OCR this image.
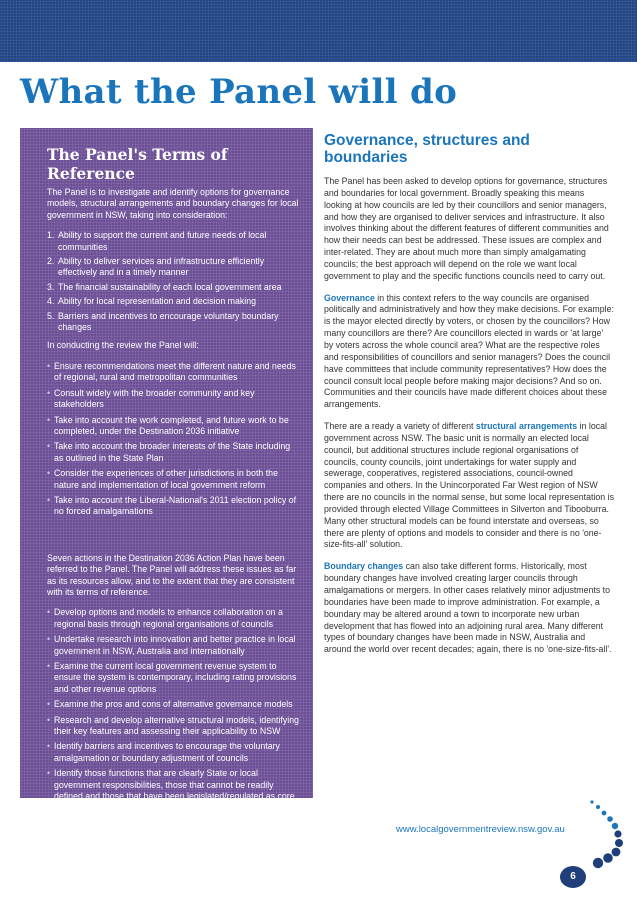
What the Panel will do
The Panel's Terms of Reference

The Panel is to investigate and identify options for governance models, structural arrangements and boundary changes for local government in NSW, taking into consideration:

1. Ability to support the current and future needs of local communities
2. Ability to deliver services and infrastructure efficiently effectively and in a timely manner
3. The financial sustainability of each local government area
4. Ability for local representation and decision making
5. Barriers and incentives to encourage voluntary boundary changes

In conducting the review the Panel will:

• Ensure recommendations meet the different nature and needs of regional, rural and metropolitan communities
• Consult widely with the broader community and key stakeholders
• Take into account the work completed, and future work to be completed, under the Destination 2036 initiative
• Take into account the broader interests of the State including as outlined in the State Plan
• Consider the experiences of other jurisdictions in both the nature and implementation of local government reform
• Take into account the Liberal-National's 2011 election policy of no forced amalgamations

Seven actions in the Destination 2036 Action Plan have been referred to the Panel. The Panel will address these issues as far as its resources allow, and to the extent that they are consistent with its terms of reference.

• Develop options and models to enhance collaboration on a regional basis through regional organisations of councils
• Undertake research into innovation and better practice in local government in NSW, Australia and internationally
• Examine the current local government revenue system to ensure the system is contemporary, including rating provisions and other revenue options
• Examine the pros and cons of alternative governance models
• Research and develop alternative structural models, identifying their key features and assessing their applicability to NSW
• Identify barriers and incentives to encourage the voluntary amalgamation or boundary adjustment of councils
• Identify those functions that are clearly State or local government responsibilities, those that cannot be readily defined and those that have been legislated/regulated as core functions
Governance, structures and boundaries

The Panel has been asked to develop options for governance, structures and boundaries for local government. Broadly speaking this means looking at how councils are led by their councillors and senior managers, and how they are organised to deliver services and infrastructure. It also involves thinking about the different features of different communities and how their needs can best be addressed. These issues are complex and inter-related. They are about much more than simply amalgamating councils; the best approach will depend on the role we want local government to play and the specific functions councils need to carry out.

Governance in this context refers to the way councils are organised politically and administratively and how they make decisions. For example: is the mayor elected directly by voters, or chosen by the councillors? How many councillors are there? Are councillors elected in wards or 'at large' by voters across the whole council area? What are the respective roles and responsibilities of councillors and senior managers? Does the council have committees that include community representatives? How does the council consult local people before making major decisions? And so on. Communities and their councils have made different choices about these arrangements.

There are a ready a variety of different structural arrangements in local government across NSW. The basic unit is normally an elected local council, but additional structures include regional organisations of councils, county councils, joint undertakings for water supply and sewerage, cooperatives, registered associations, council-owned companies and others. In the Unincorporated Far West region of NSW there are no councils in the normal sense, but some local representation is provided through elected Village Committees in Silverton and Tibooburra. Many other structural models can be found interstate and overseas, so there are plenty of options and models to consider and there is no 'one-size-fits-all' solution.

Boundary changes can also take different forms. Historically, most boundary changes have involved creating larger councils through amalgamations or mergers. In other cases relatively minor adjustments to boundaries have been made to improve administration. For example, a boundary may be altered around a town to incorporate new urban development that has flowed into an adjoining rural area. Many different types of boundary changes have been made in NSW, Australia and around the world over recent decades; again, there is no 'one-size-fits-all'.

www.localgovernmentreview.nsw.gov.au
6
